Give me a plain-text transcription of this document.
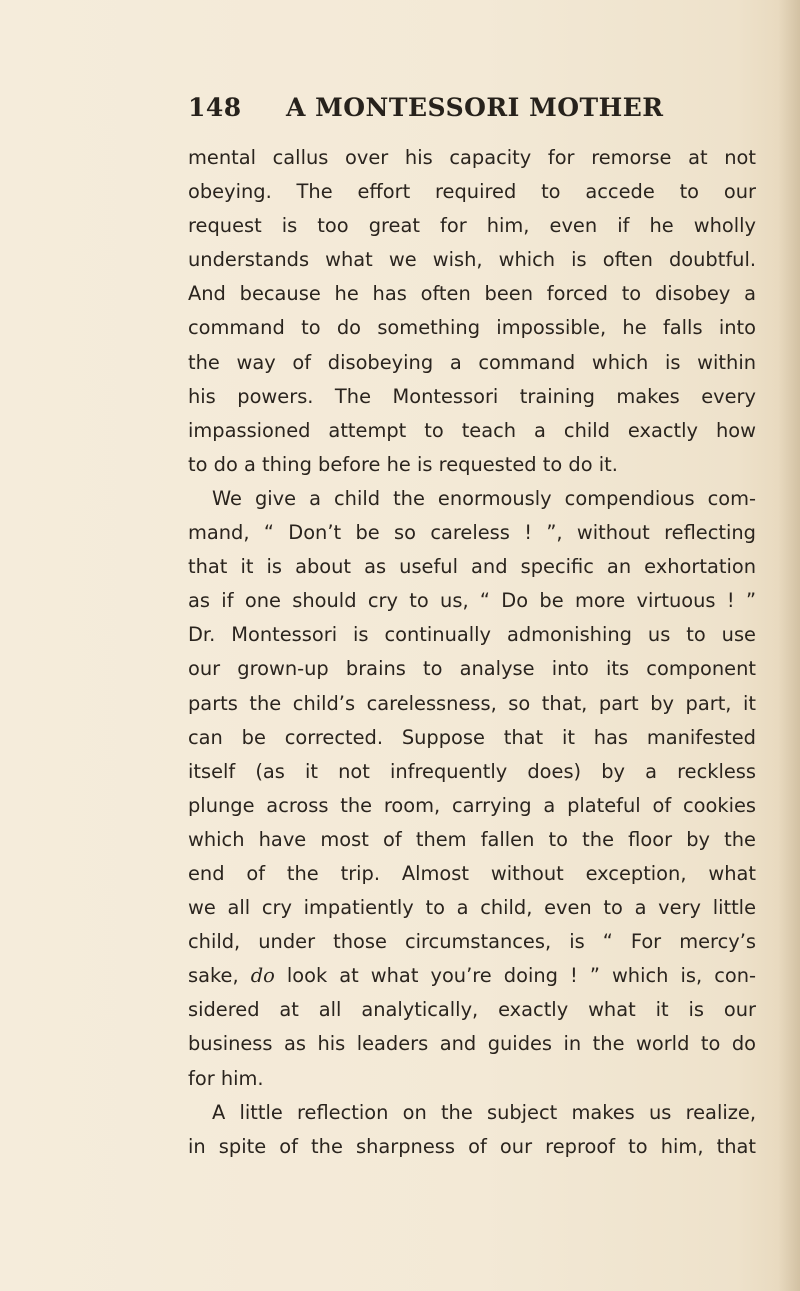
148 A MONTESSORI MOTHER
mental callus over his capacity for remorse at not
obeying. The effort required to accede to our
request is too great for him, even if he wholly
understands what we wish, which is often doubtful.
And because he has often been forced to disobey a
command to do something impossible, he falls into
the way of disobeying a command which is within
his powers. The Montessori training makes every
impassioned attempt to teach a child exactly how
to do a thing before he is requested to do it.
We give a child the enormously compendious com-
mand, “ Don’t be so careless ! ”, without reflecting
that it is about as useful and specific an exhortation
as if one should cry to us, “ Do be more virtuous ! ”
Dr. Montessori is continually admonishing us to use
our grown-up brains to analyse into its component
parts the child’s carelessness, so that, part by part, it
can be corrected. Suppose that it has manifested
itself (as it not infrequently does) by a reckless
plunge across the room, carrying a plateful of cookies
which have most of them fallen to the floor by the
end of the trip. Almost without exception, what
we all cry impatiently to a child, even to a very little
child, under those circumstances, is “ For mercy’s
sake, do look at what you’re doing ! ” which is, con-
sidered at all analytically, exactly what it is our
business as his leaders and guides in the world to do
for him.
A little reflection on the subject makes us realize,
in spite of the sharpness of our reproof to him, that
